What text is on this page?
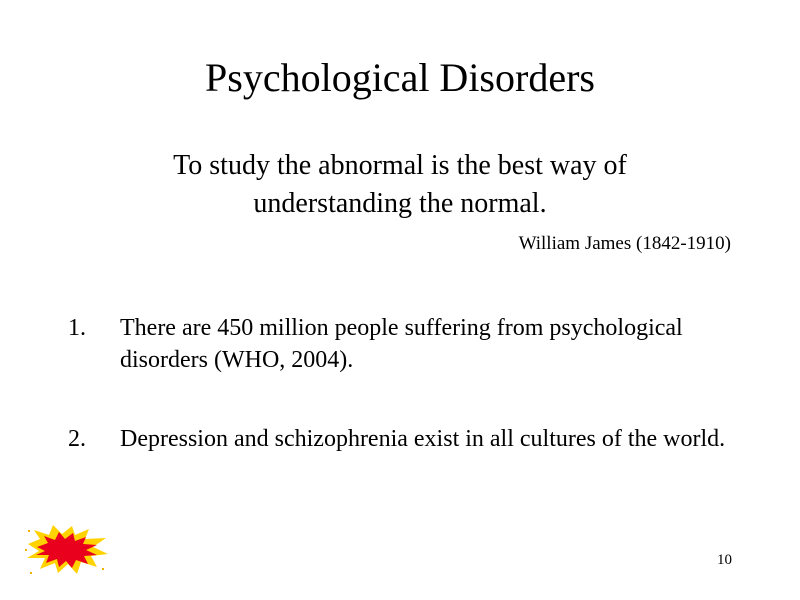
Psychological Disorders
To study the abnormal is the best way of understanding the normal.
William James (1842-1910)
1.	There are 450 million people suffering from psychological disorders (WHO, 2004).
2.	Depression and schizophrenia exist in all cultures of the world.
10
